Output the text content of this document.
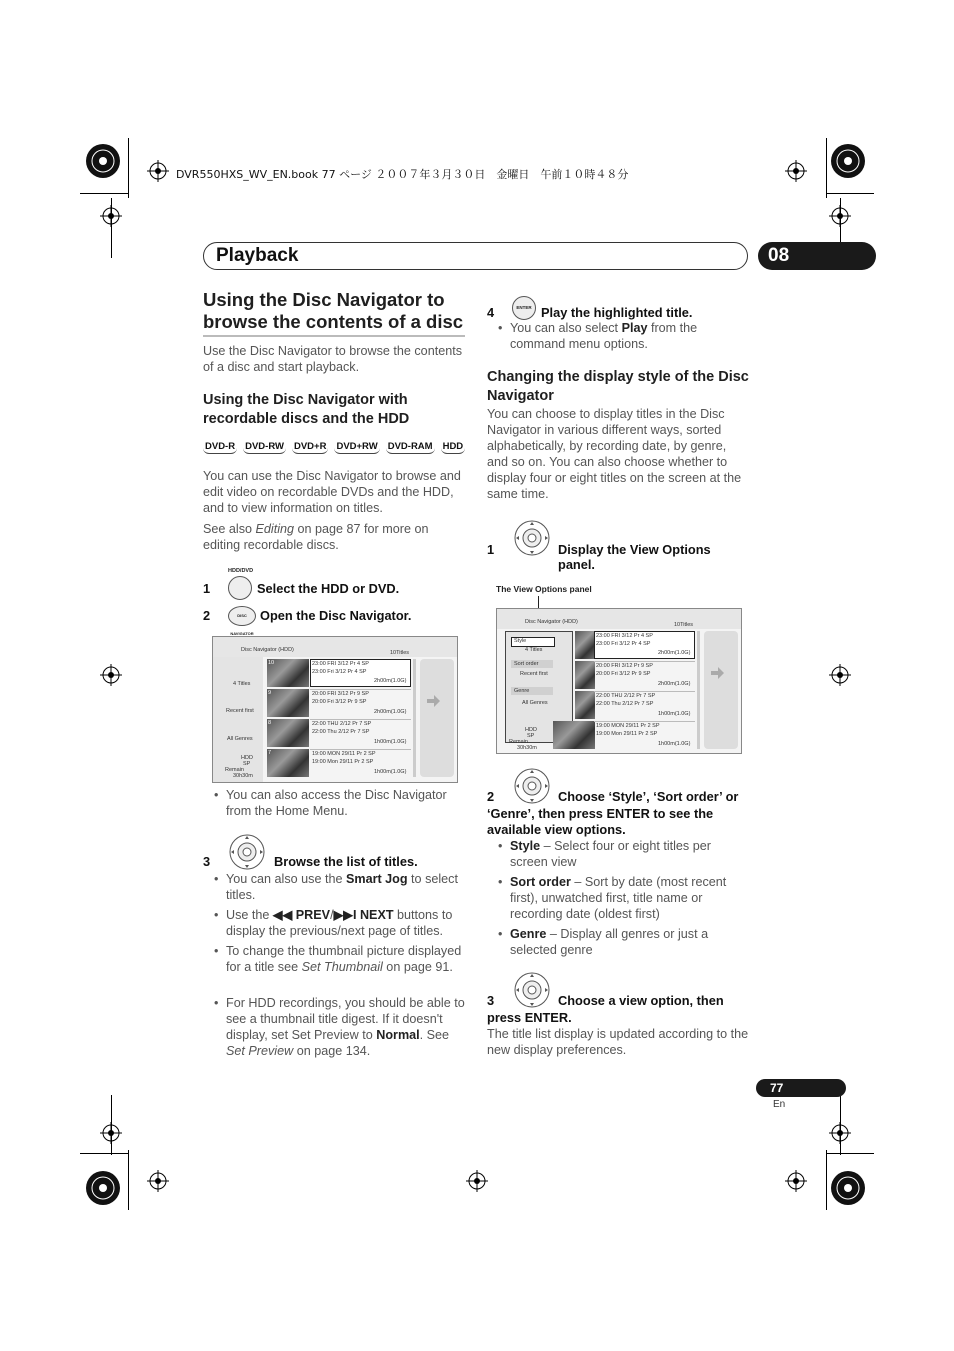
DVR550HXS_WV_EN.book 77 ページ ２００７年３月３０日　金曜日　午前１０時４８分
Playback	08
Using the Disc Navigator to browse the contents of a disc

Use the Disc Navigator to browse the contents of a disc and start playback.

Using the Disc Navigator with recordable discs and the HDD
DVD-R DVD-RW DVD+R DVD+RW DVD-RAM HDD

You can use the Disc Navigator to browse and edit video on recordable DVDs and the HDD, and to view information on titles.

See also Editing on page 87 for more on editing recordable discs.

HDD/DVD
1	Select the HDD or DVD.
2	DISC NAVIGATOR
Open the Disc Navigator.
Disc Navigator (HDD)	10Titles
4 Titles
Recent first
All Genres
HDD
SP
Remain
30h30m
10
9
8
7
23:00 FRI 3/12 Pr 4 SP
23:00 Fri 3/12 Pr 4 SP
2h00m(1.0G)
20:00 FRI 3/12 Pr 9 SP
20:00 Fri 3/12 Pr 9 SP
2h00m(1.0G)
22:00 THU 2/12 Pr 7 SP
22:00 Thu 2/12 Pr 7 SP
1h00m(1.0G)
19:00 MON 29/11 Pr 2 SP
19:00 Mon 29/11 Pr 2 SP
1h00m(1.0G)
• You can also access the Disc Navigator from the Home Menu.
3	Browse the list of titles.
• You can also use the Smart Jog to select titles.
• Use the ◀◀ PREV/▶▶I NEXT buttons to display the previous/next page of titles.
• To change the thumbnail picture displayed for a title see Set Thumbnail on page 91.
• For HDD recordings, you should be able to see a thumbnail title digest. If it doesn't display, set Set Preview to Normal. See Set Preview on page 134.
4	ENTER Play the highlighted title.
• You can also select Play from the command menu options.
Changing the display style of the Disc Navigator

You can choose to display titles in the Disc Navigator in various different ways, sorted alphabetically, by recording date, by genre, and so on. You can also choose whether to display four or eight titles on the screen at the same time.

1	Display the View Options panel.
The View Options panel
Disc Navigator (HDD)	10Titles
Style
4 Titles
Sort order
Recent first
Genre
All Genres
HDD
SP
Remain
30h30m
23:00 FRI 3/12 Pr 4 SP
23:00 Fri 3/12 Pr 4 SP
2h00m(1.0G)
20:00 FRI 3/12 Pr 9 SP
20:00 Fri 3/12 Pr 9 SP
2h00m(1.0G)
22:00 THU 2/12 Pr 7 SP
22:00 Thu 2/12 Pr 7 SP
1h00m(1.0G)
19:00 MON 29/11 Pr 2 SP
19:00 Mon 29/11 Pr 2 SP
1h00m(1.0G)
2	Choose ‘Style’, ‘Sort order’ or ‘Genre’, then press ENTER to see the available view options.
• Style – Select four or eight titles per screen view
• Sort order – Sort by date (most recent first), unwatched first, title name or recording date (oldest first)
• Genre – Display all genres or just a selected genre
3	Choose a view option, then press ENTER.

The title list display is updated according to the new display preferences.

77
En
